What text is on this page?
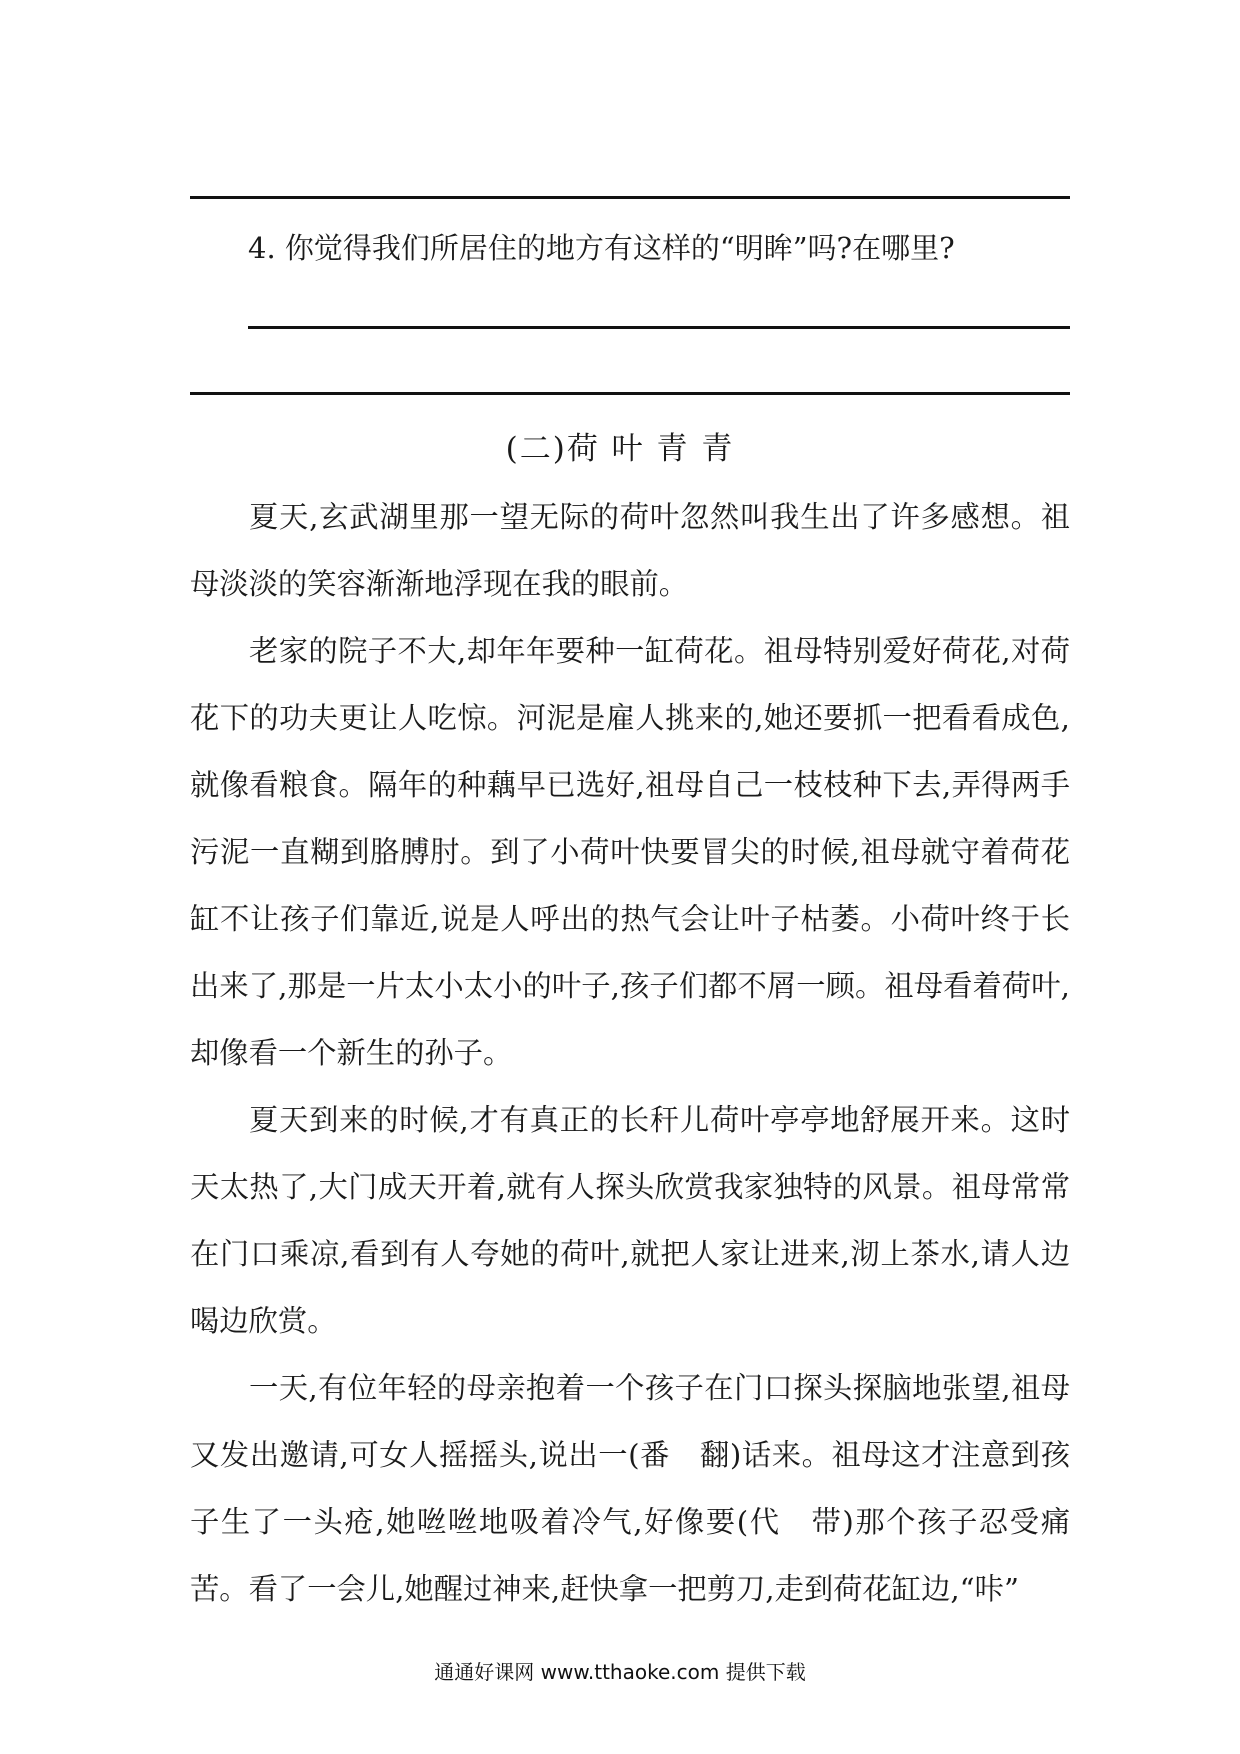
4. 你觉得我们所居住的地方有这样的“明眸”吗?在哪里?
(二)荷 叶 青 青

夏天,玄武湖里那一望无际的荷叶忽然叫我生出了许多感想。祖母淡淡的笑容渐渐地浮现在我的眼前。

老家的院子不大,却年年要种一缸荷花。祖母特别爱好荷花,对荷花下的功夫更让人吃惊。河泥是雇人挑来的,她还要抓一把看看成色,就像看粮食。隔年的种藕早已选好,祖母自己一枝枝种下去,弄得两手污泥一直糊到胳膊肘。到了小荷叶快要冒尖的时候,祖母就守着荷花缸不让孩子们靠近,说是人呼出的热气会让叶子枯萎。小荷叶终于长出来了,那是一片太小太小的叶子,孩子们都不屑一顾。祖母看着荷叶,却像看一个新生的孙子。

夏天到来的时候,才有真正的长秆儿荷叶亭亭地舒展开来。这时天太热了,大门成天开着,就有人探头欣赏我家独特的风景。祖母常常在门口乘凉,看到有人夸她的荷叶,就把人家让进来,沏上茶水,请人边喝边欣赏。

一天,有位年轻的母亲抱着一个孩子在门口探头探脑地张望,祖母又发出邀请,可女人摇摇头,说出一(番　翻)话来。祖母这才注意到孩子生了一头疮,她咝咝地吸着冷气,好像要(代　带)那个孩子忍受痛苦。看了一会儿,她醒过神来,赶快拿一把剪刀,走到荷花缸边,“咔”

通通好课网 www.tthaoke.com 提供下载
